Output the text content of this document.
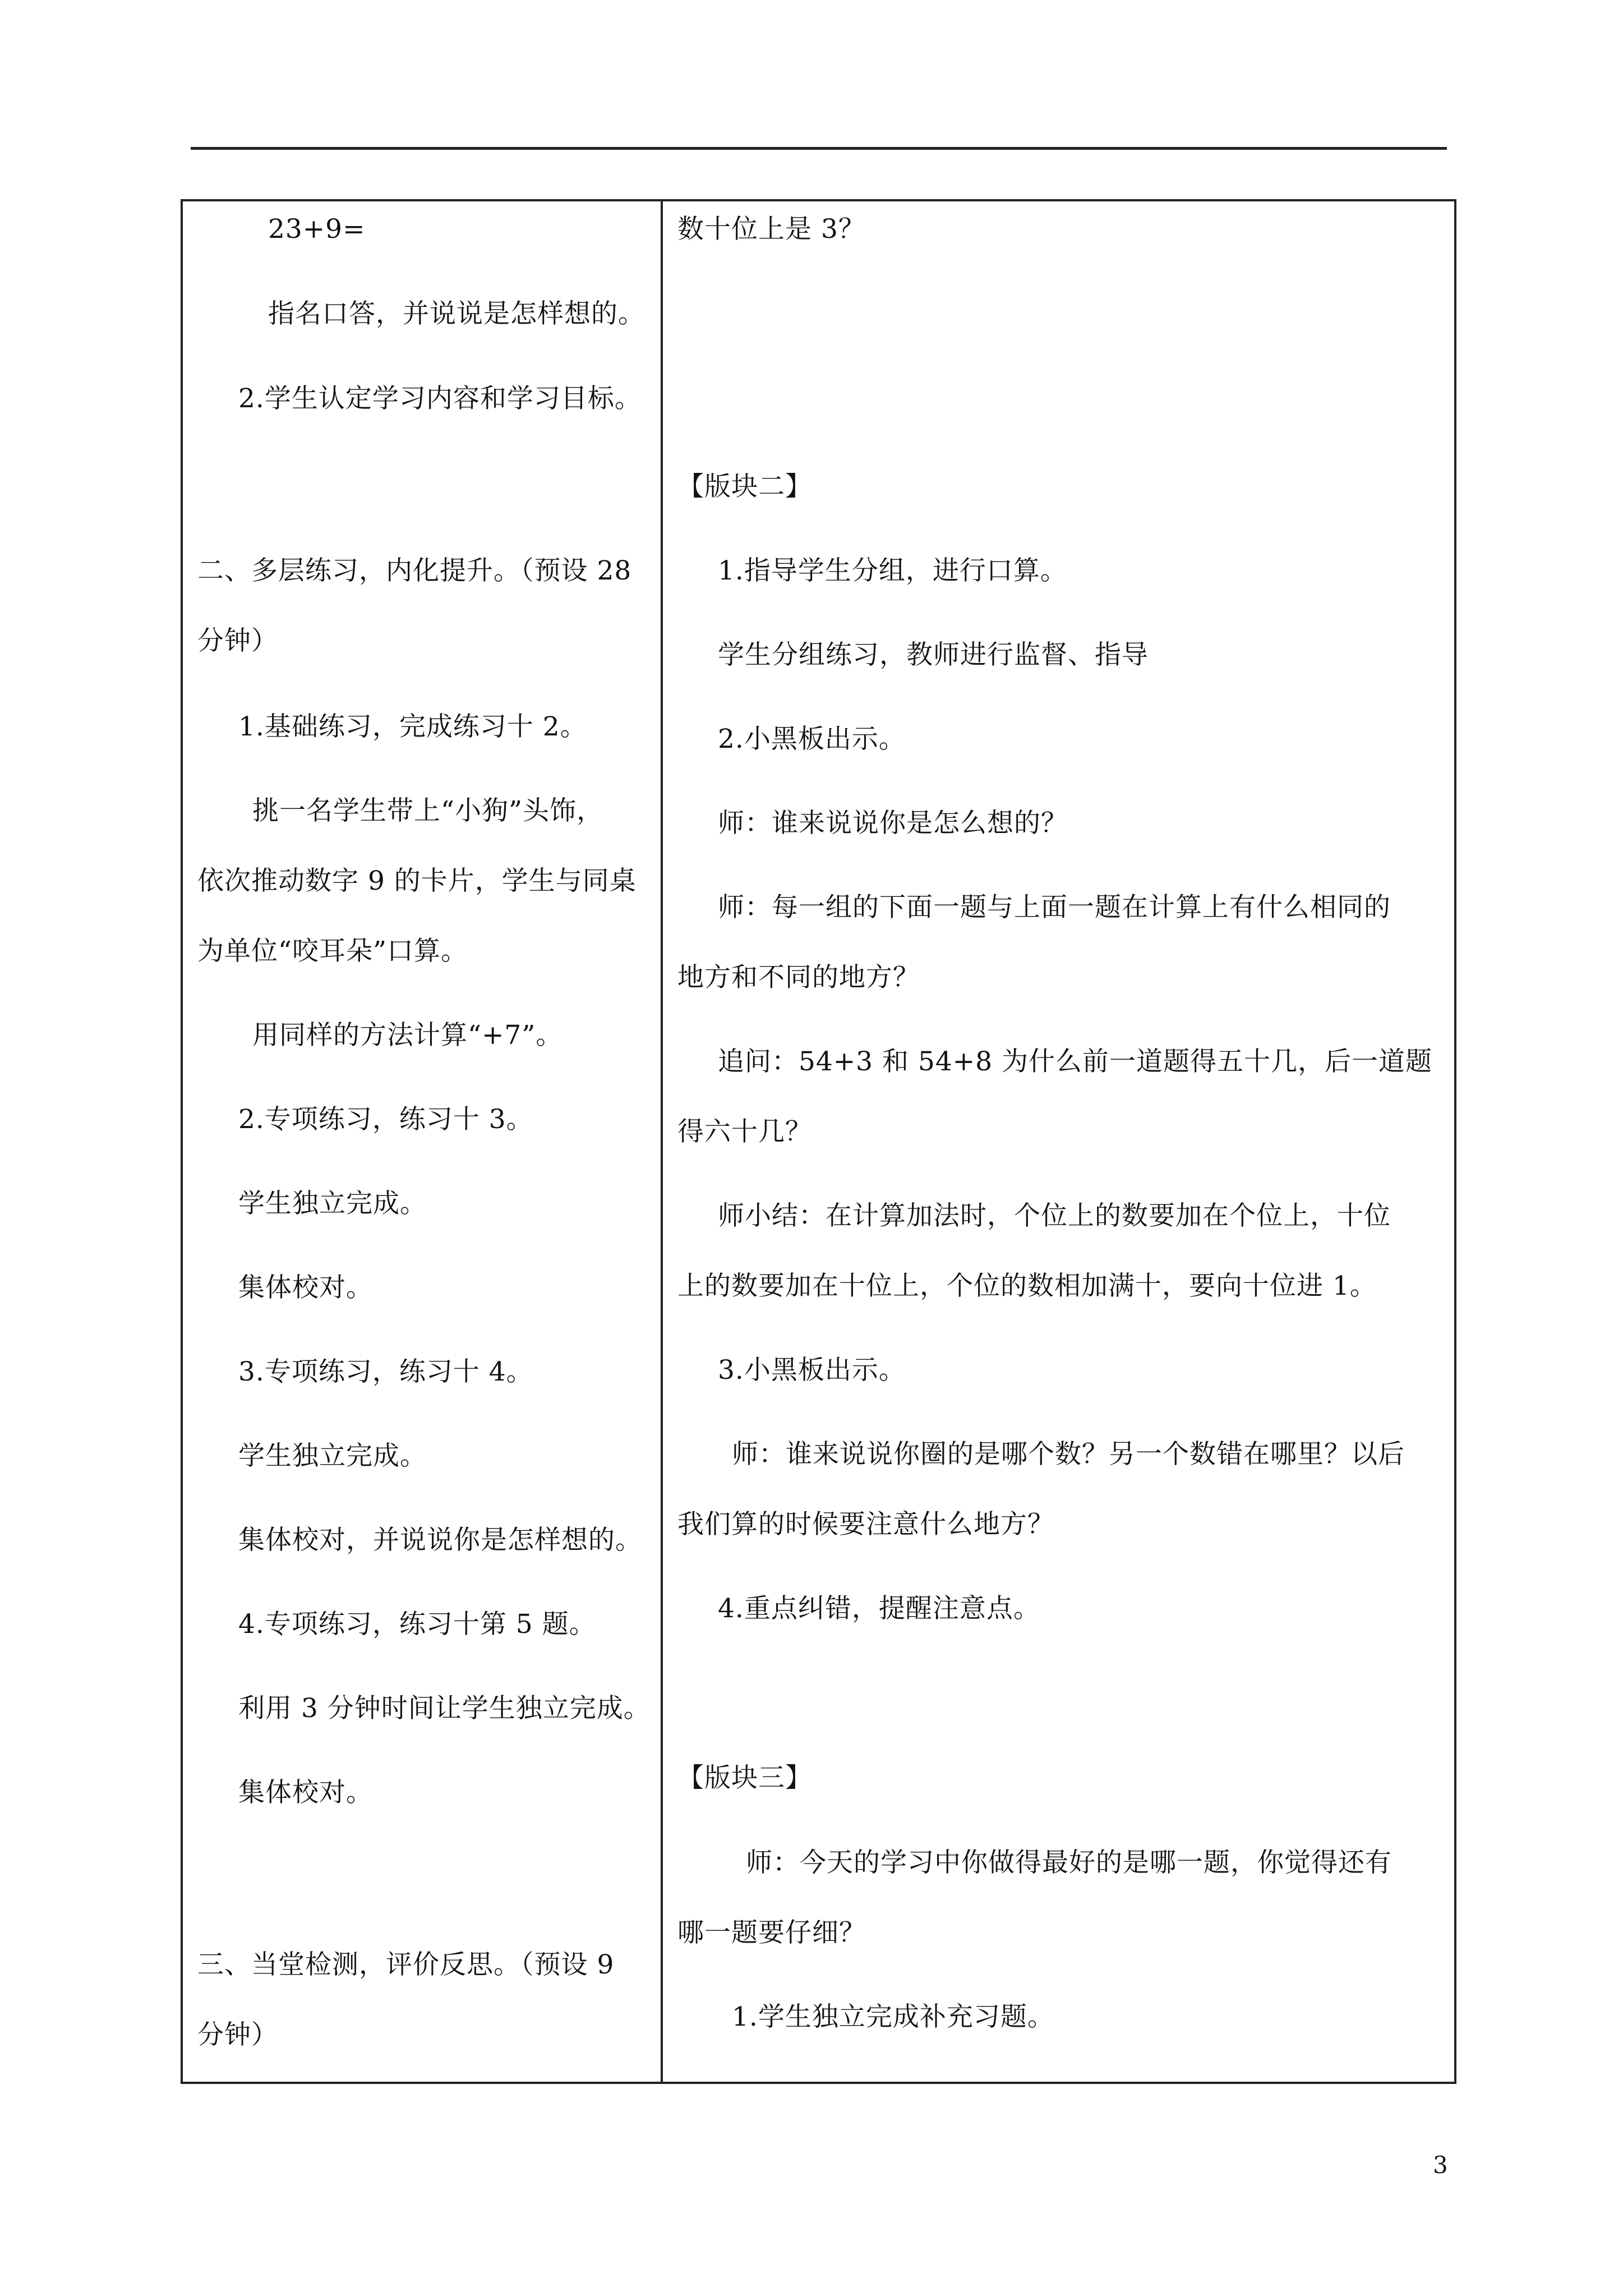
23+9=
指名口答，并说说是怎样想的。
2.学生认定学习内容和学习目标。
二、多层练习，内化提升。（预设 28
分钟）
1.基础练习，完成练习十 2。
挑一名学生带上“小狗”头饰，
依次推动数字 9 的卡片，学生与同桌
为单位“咬耳朵”口算。
用同样的方法计算“+7”。
2.专项练习，练习十 3。
学生独立完成。
集体校对。
3.专项练习，练习十 4。
学生独立完成。
集体校对，并说说你是怎样想的。
4.专项练习，练习十第 5 题。
利用 3 分钟时间让学生独立完成。
集体校对。
三、当堂检测，评价反思。（预设 9
分钟）
数十位上是 3？
【版块二】
1.指导学生分组，进行口算。
学生分组练习，教师进行监督、指导
2.小黑板出示。
师：谁来说说你是怎么想的？
师：每一组的下面一题与上面一题在计算上有什么相同的
地方和不同的地方？
追问：54+3 和 54+8 为什么前一道题得五十几，后一道题
得六十几？
师小结：在计算加法时，个位上的数要加在个位上，十位
上的数要加在十位上，个位的数相加满十，要向十位进 1。
3.小黑板出示。
师：谁来说说你圈的是哪个数？另一个数错在哪里？以后
我们算的时候要注意什么地方？
4.重点纠错，提醒注意点。
【版块三】
师：今天的学习中你做得最好的是哪一题，你觉得还有
哪一题要仔细？
1.学生独立完成补充习题。
3
